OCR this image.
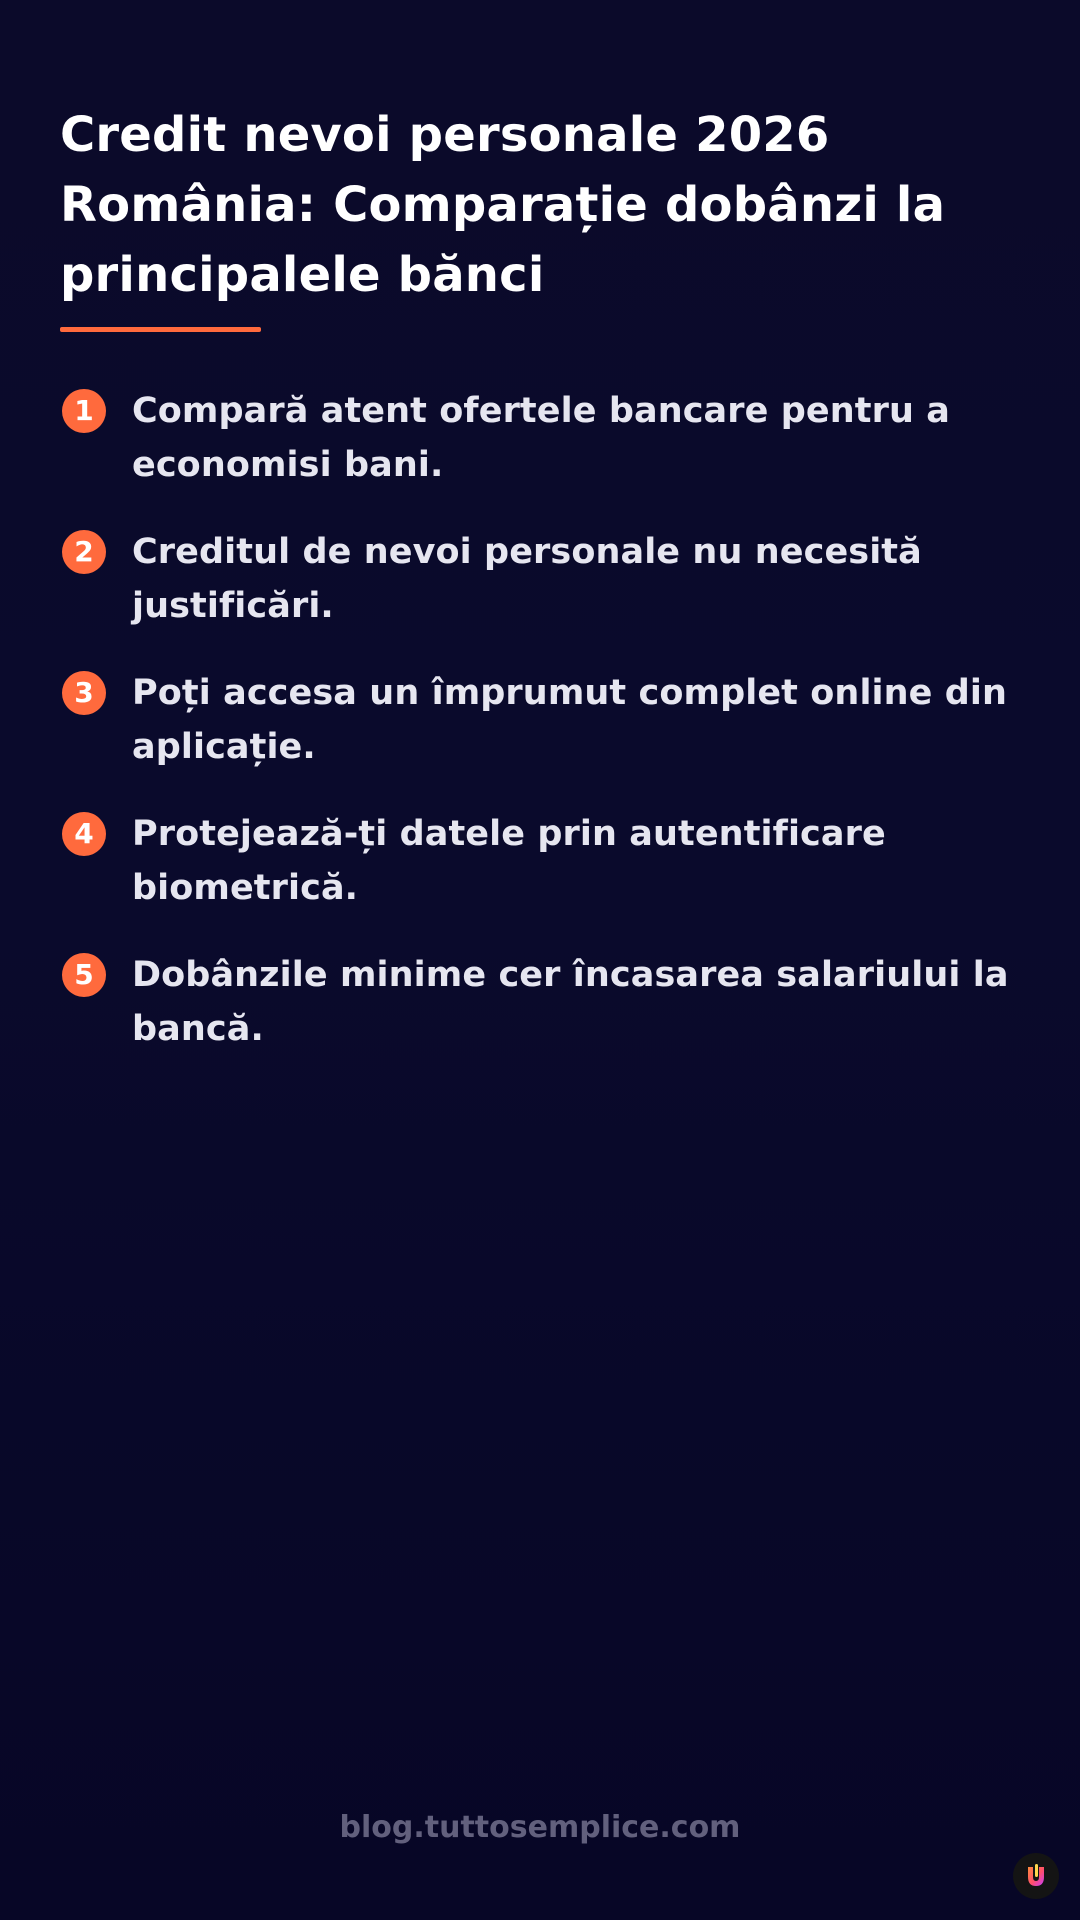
Credit nevoi personale 2026 România: Comparație dobânzi la principalele bănci
1	Compară atent ofertele bancare pentru a economisi bani.
2	Creditul de nevoi personale nu necesită justificări.
3	Poți accesa un împrumut complet online din aplicație.
4	Protejează-ți datele prin autentificare biometrică.
5	Dobânzile minime cer încasarea salariului la bancă.
blog.tuttosemplice.com
